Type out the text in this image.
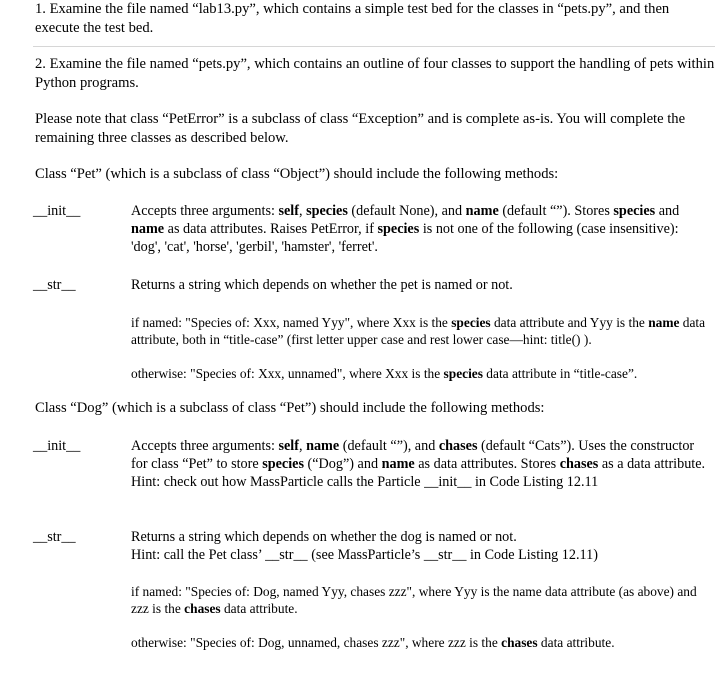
1. Examine the file named “lab13.py”, which contains a simple test bed for the classes in “pets.py”, and then execute the test bed.

2. Examine the file named “pets.py”, which contains an outline of four classes to support the handling of pets within Python programs.

Please note that class “PetError” is a subclass of class “Exception” and is complete as-is. You will complete the remaining three classes as described below.

Class “Pet” (which is a subclass of class “Object”) should include the following methods:

__init__	Accepts three arguments: self, species (default None), and name (default “”). Stores species and name as data attributes. Raises PetError, if species is not one of the following (case insensitive): 'dog', 'cat', 'horse', 'gerbil', 'hamster', 'ferret'.
__str__	Returns a string which depends on whether the pet is named or not.
if named: "Species of: Xxx, named Yyy", where Xxx is the species data attribute and Yyy is the name data attribute, both in “title-case” (first letter upper case and rest lower case—hint: title() ).
otherwise: "Species of: Xxx, unnamed", where Xxx is the species data attribute in “title-case”.

Class “Dog” (which is a subclass of class “Pet”) should include the following methods:

__init__	Accepts three arguments: self, name (default “”), and chases (default “Cats”). Uses the constructor for class “Pet” to store species (“Dog”) and name as data attributes. Stores chases as a data attribute.
Hint: check out how MassParticle calls the Particle __init__ in Code Listing 12.11
__str__	Returns a string which depends on whether the dog is named or not.
Hint: call the Pet class’ __str__ (see MassParticle’s __str__ in Code Listing 12.11)
if named: "Species of: Dog, named Yyy, chases zzz", where Yyy is the name data attribute (as above) and zzz is the chases data attribute.
otherwise: "Species of: Dog, unnamed, chases zzz", where zzz is the chases data attribute.
